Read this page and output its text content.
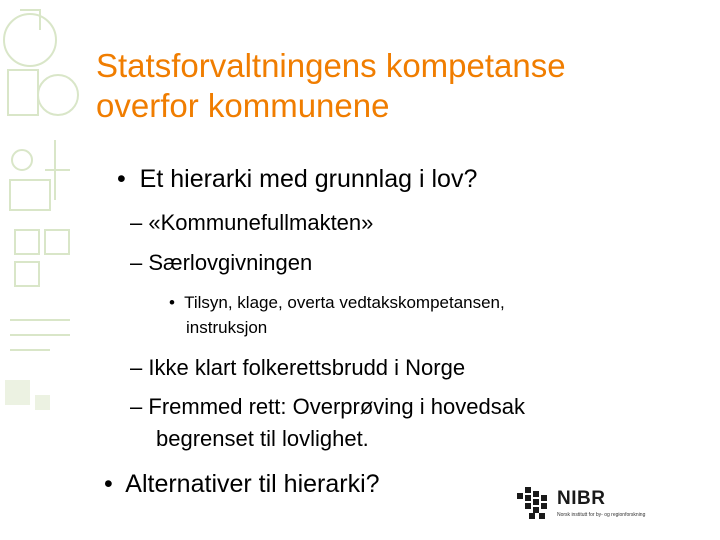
Statsforvaltningens kompetanse
overfor kommunene
• Et hierarki med grunnlag i lov?
– «Kommunefullmakten»
– Særlovgivningen
• Tilsyn, klage, overta vedtakskompetansen,
instruksjon
– Ikke klart folkerettsbrudd i Norge
– Fremmed rett: Overprøving i hovedsak
begrenset til lovlighet.
• Alternativer til hierarki?
NIBR
Norsk institutt for by- og regionforskning
